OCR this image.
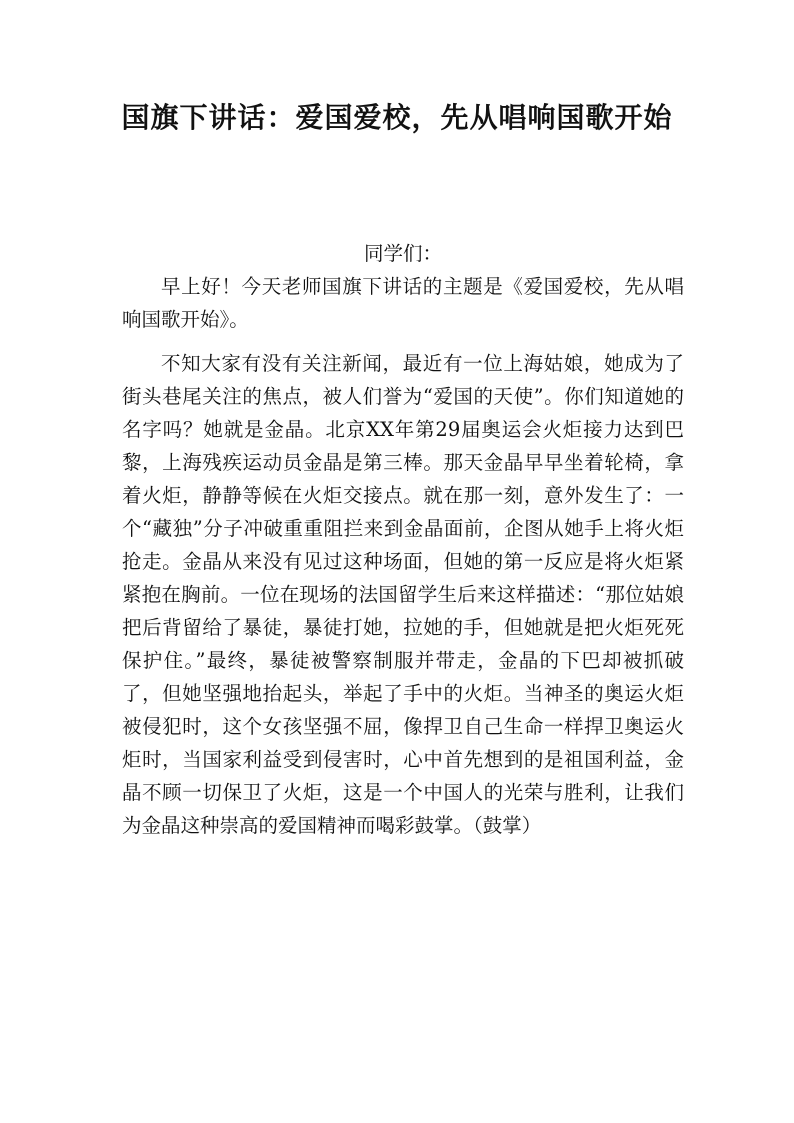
国旗下讲话：爱国爱校，先从唱响国歌开始

同学们：

早上好！今天老师国旗下讲话的主题是《爱国爱校，先从唱响国歌开始》。

不知大家有没有关注新闻，最近有一位上海姑娘，她成为了街头巷尾关注的焦点，被人们誉为“爱国的天使”。你们知道她的名字吗？她就是金晶。北京XX年第29届奥运会火炬接力达到巴黎，上海残疾运动员金晶是第三棒。那天金晶早早坐着轮椅，拿着火炬，静静等候在火炬交接点。就在那一刻，意外发生了：一个“藏独”分子冲破重重阻拦来到金晶面前，企图从她手上将火炬抢走。金晶从来没有见过这种场面，但她的第一反应是将火炬紧紧抱在胸前。一位在现场的法国留学生后来这样描述：“那位姑娘把后背留给了暴徒，暴徒打她，拉她的手，但她就是把火炬死死保护住。”最终，暴徒被警察制服并带走，金晶的下巴却被抓破了，但她坚强地抬起头，举起了手中的火炬。当神圣的奥运火炬被侵犯时，这个女孩坚强不屈，像捍卫自己生命一样捍卫奥运火炬时，当国家利益受到侵害时，心中首先想到的是祖国利益，金晶不顾一切保卫了火炬，这是一个中国人的光荣与胜利，让我们为金晶这种崇高的爱国精神而喝彩鼓掌。（鼓掌）
